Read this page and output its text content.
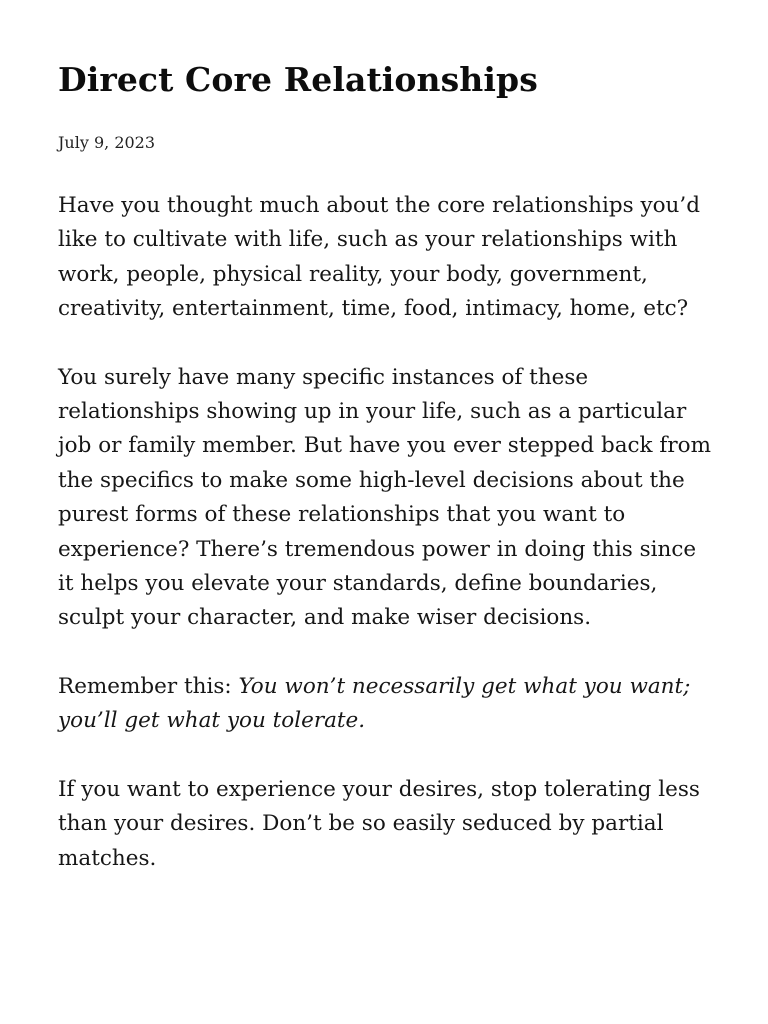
Direct Core Relationships
July 9, 2023

Have you thought much about the core relationships you’d like to cultivate with life, such as your relationships with work, people, physical reality, your body, government, creativity, entertainment, time, food, intimacy, home, etc?

You surely have many specific instances of these relationships showing up in your life, such as a particular job or family member. But have you ever stepped back from the specifics to make some high-level decisions about the purest forms of these relationships that you want to experience? There’s tremendous power in doing this since it helps you elevate your standards, define boundaries, sculpt your character, and make wiser decisions.

Remember this: You won’t necessarily get what you want; you’ll get what you tolerate.

If you want to experience your desires, stop tolerating less than your desires. Don’t be so easily seduced by partial matches.
